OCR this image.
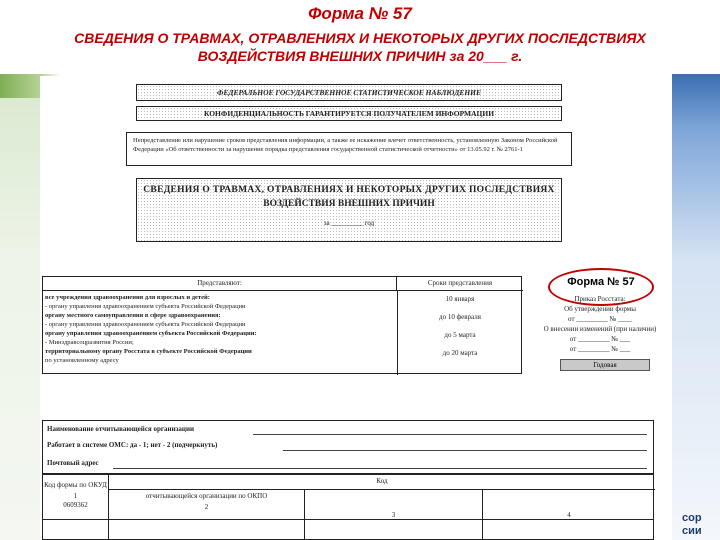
Форма № 57
СВЕДЕНИЯ О ТРАВМАХ, ОТРАВЛЕНИЯХ И НЕКОТОРЫХ ДРУГИХ ПОСЛЕДСТВИЯХ
ВОЗДЕЙСТВИЯ ВНЕШНИХ ПРИЧИН за 20___ г.
сор
сии
ФЕДЕРАЛЬНОЕ ГОСУДАРСТВЕННОЕ СТАТИСТИЧЕСКОЕ НАБЛЮДЕНИЕ
КОНФИДЕНЦИАЛЬНОСТЬ ГАРАНТИРУЕТСЯ ПОЛУЧАТЕЛЕМ ИНФОРМАЦИИ
Непредставление или нарушение сроков представления информации, а также ее искажение влечет ответственность, установленную Законом Российской Федерации «Об ответственности за нарушение порядка представления государственной статистической отчетности» от 13.05.92 г. № 2761-1
СВЕДЕНИЯ О ТРАВМАХ, ОТРАВЛЕНИЯХ И НЕКОТОРЫХ ДРУГИХ ПОСЛЕДСТВИЯХ
ВОЗДЕЙСТВИЯ ВНЕШНИХ ПРИЧИН
за _________ год
Представляют:	Сроки представления
все учреждения здравоохранения для взрослых и детей:
- органу управления здравоохранением субъекта Российской Федерации
органу местного самоуправления в сфере здравоохранения:
- органу управления здравоохранением субъекта Российской Федерации
органу управления здравоохранением субъекта Российской Федерации:
- Минздравсоцразвития России;
территориальному органу Росстата в субъекте Российской Федерации
по установленному адресу
10 января
до 10 февраля
до 5 марта
до 20 марта
Приказ Росстата:
Об утверждении формы
от _________ № ____
О внесении изменений (при наличии)
от _________ № ___
от _________ № ___
Форма № 57
Годовая
Наименование отчитывающейся организации
Работает в системе ОМС: да - 1; нет - 2 (подчеркнуть)
Почтовый адрес
Код формы по ОКУД
1
0609362
Код
отчитывающейся организации по ОКПО
2
3	4
